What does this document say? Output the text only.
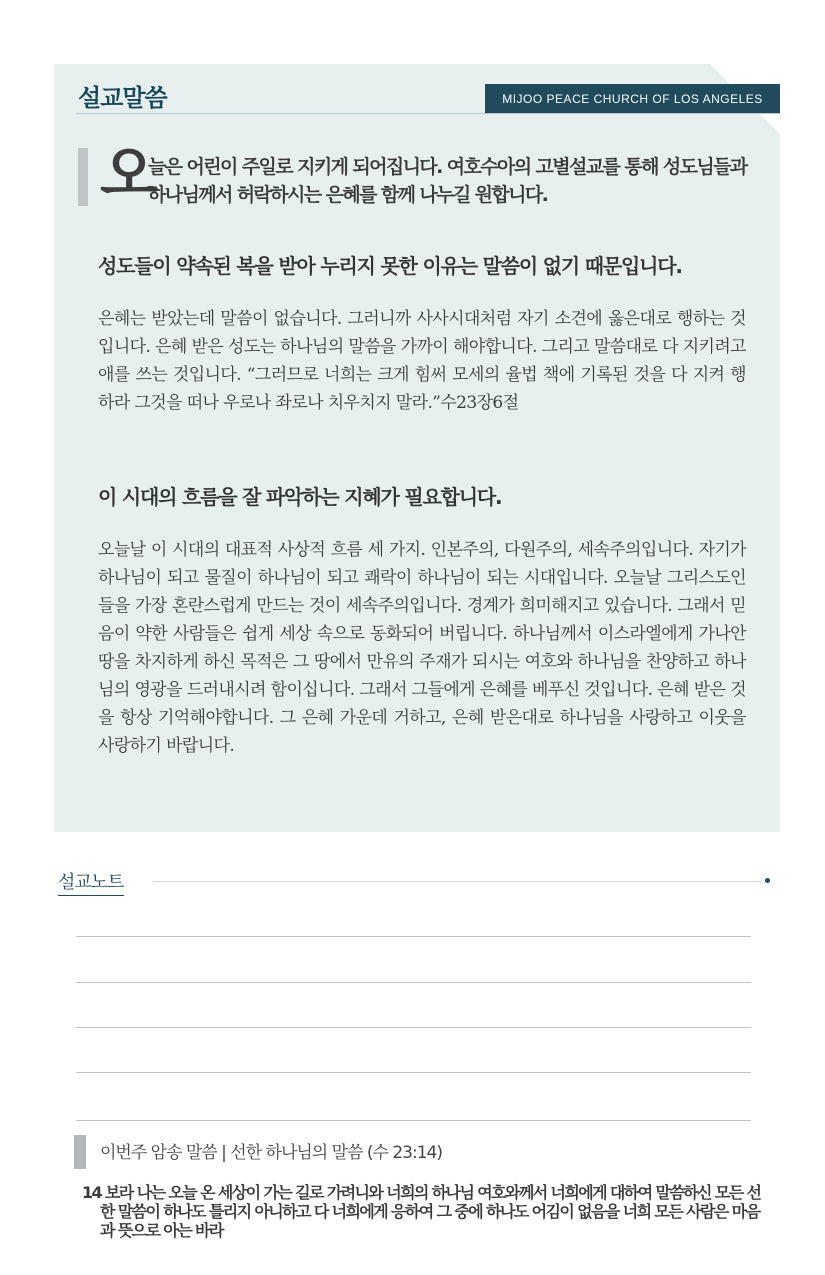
설교말씀	MIJOO PEACE CHURCH OF LOS ANGELES
오
늘은 어린이 주일로 지키게 되어집니다. 여호수아의 고별설교를 통해 성도님들과 하나님께서 허락하시는 은혜를 함께 나누길 원합니다.
성도들이 약속된 복을 받아 누리지 못한 이유는 말씀이 없기 때문입니다.
은혜는 받았는데 말씀이 없습니다. 그러니까 사사시대처럼 자기 소견에 옳은대로 행하는 것입니다. 은혜 받은 성도는 하나님의 말씀을 가까이 해야합니다. 그리고 말씀대로 다 지키려고 애를 쓰는 것입니다. “그러므로 너희는 크게 힘써 모세의 율법 책에 기록된 것을 다 지켜 행하라 그것을 떠나 우로나 좌로나 치우치지 말라.”수23장6절
이 시대의 흐름을 잘 파악하는 지혜가 필요합니다.
오늘날 이 시대의 대표적 사상적 흐름 세 가지. 인본주의, 다원주의, 세속주의입니다. 자기가 하나님이 되고 물질이 하나님이 되고 쾌락이 하나님이 되는 시대입니다. 오늘날 그리스도인들을 가장 혼란스럽게 만드는 것이 세속주의입니다. 경계가 희미해지고 있습니다. 그래서 믿음이 약한 사람들은 쉽게 세상 속으로 동화되어 버립니다. 하나님께서 이스라엘에게 가나안 땅을 차지하게 하신 목적은 그 땅에서 만유의 주재가 되시는 여호와 하나님을 찬양하고 하나님의 영광을 드러내시려 함이십니다. 그래서 그들에게 은혜를 베푸신 것입니다. 은혜 받은 것을 항상 기억해야합니다. 그 은혜 가운데 거하고, 은혜 받은대로 하나님을 사랑하고 이웃을 사랑하기 바랍니다.
설교노트
이번주 암송 말씀 | 선한 하나님의 말씀 (수 23:14)
14 보라 나는 오늘 온 세상이 가는 길로 가려니와 너희의 하나님 여호와께서 너희에게 대하여 말씀하신 모든 선한 말씀이 하나도 틀리지 아니하고 다 너희에게 응하여 그 중에 하나도 어김이 없음을 너희 모든 사람은 마음과 뜻으로 아는 바라
